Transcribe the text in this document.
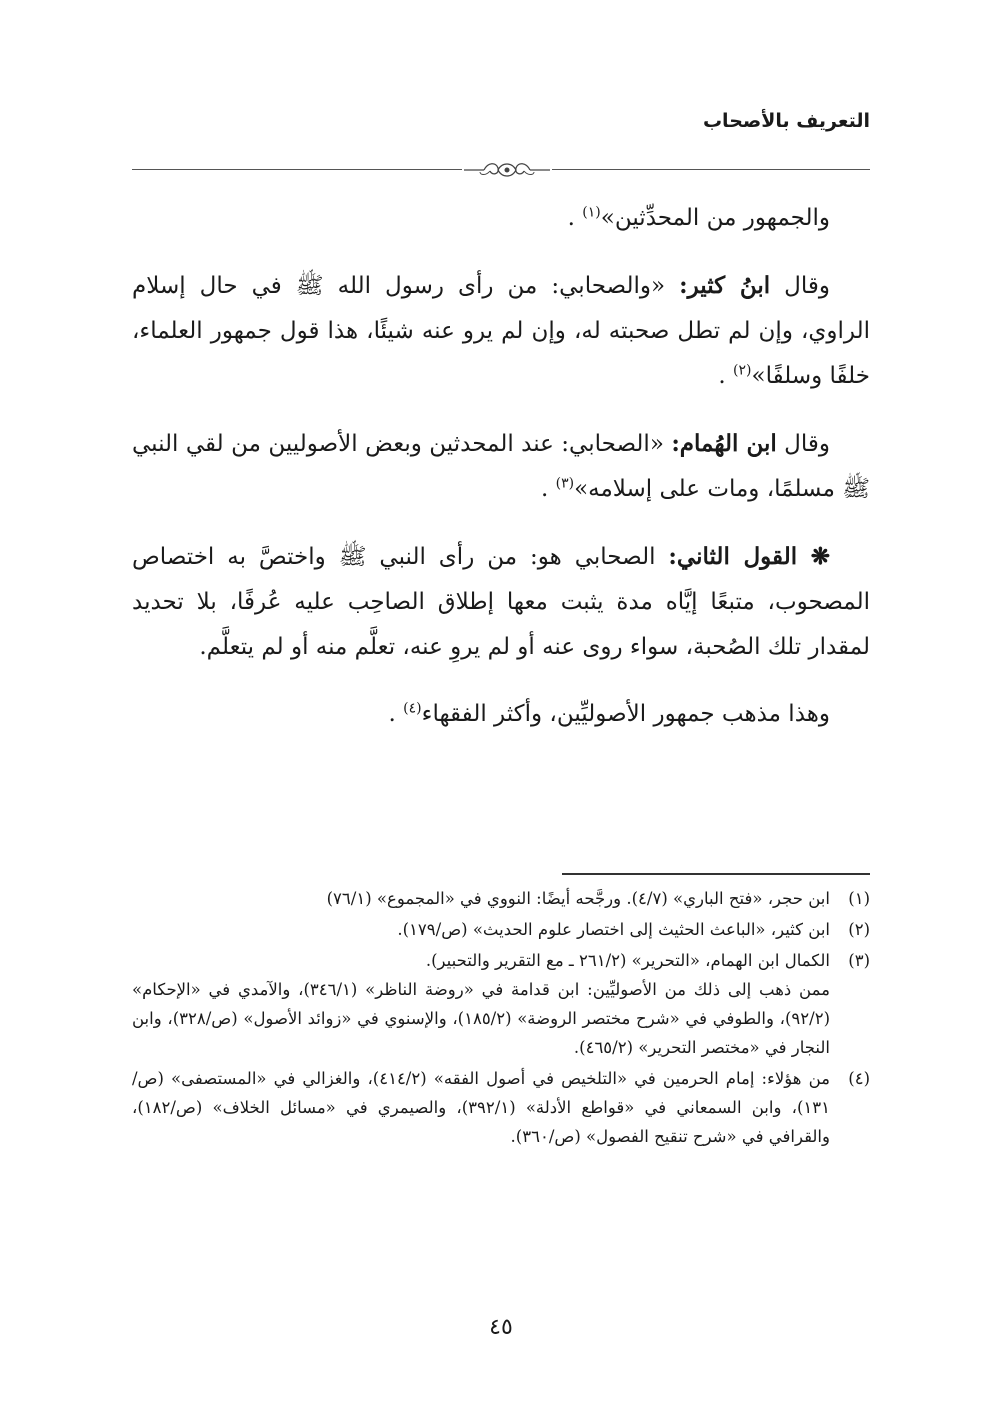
التعريف بالأصحاب

والجمهور من المحدِّثين»$^{(١)}$ .

وقال ابنُ كثير: «والصحابي: من رأى رسول الله ﷺ في حال إسلام الراوي، وإن لم تطل صحبته له، وإن لم يرو عنه شيئًا، هذا قول جمهور العلماء، خلفًا وسلفًا»$^{(٢)}$ .

وقال ابن الهُمام: «الصحابي: عند المحدثين وبعض الأصوليين من لقي النبي ﷺ مسلمًا، ومات على إسلامه»$^{(٣)}$ .

❋ القول الثاني: الصحابي هو: من رأى النبي ﷺ واختصَّ به اختصاص المصحوب، متبعًا إيَّاه مدة يثبت معها إطلاق الصاحِب عليه عُرفًا، بلا تحديد لمقدار تلك الصُحبة، سواء روى عنه أو لم يروِ عنه، تعلَّم منه أو لم يتعلَّم.

وهذا مذهب جمهور الأصوليِّين، وأكثر الفقهاء$^{(٤)}$ .

(١)

ابن حجر، «فتح الباري» (٤/٧). ورجَّحه أيضًا: النووي في «المجموع» (٧٦/١)

(٢)

ابن كثير، «الباعث الحثيث إلى اختصار علوم الحديث» (ص/١٧٩).

(٣)

الكمال ابن الهمام، «التحرير» (٢٦١/٢ ـ مع التقرير والتحبير).

ممن ذهب إلى ذلك من الأصوليِّين: ابن قدامة في «روضة الناظر» (٣٤٦/١)، والآمدي في «الإحكام» (٩٢/٢)، والطوفي في «شرح مختصر الروضة» (١٨٥/٢)، والإسنوي في «زوائد الأصول» (ص/٣٢٨)، وابن النجار في «مختصر التحرير» (٤٦٥/٢).

(٤)

من هؤلاء: إمام الحرمين في «التلخيص في أصول الفقه» (٤١٤/٢)، والغزالي في «المستصفى» (ص/١٣١)، وابن السمعاني في «قواطع الأدلة» (٣٩٢/١)، والصيمري في «مسائل الخلاف» (ص/١٨٢)، والقرافي في «شرح تنقيح الفصول» (ص/٣٦٠).

٤٥
